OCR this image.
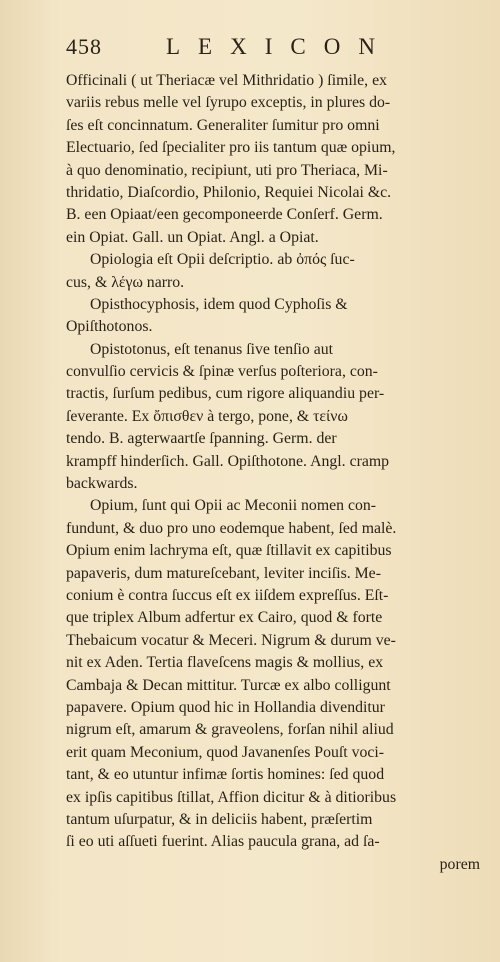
458	LEXICON
Officinali ( ut Theriacæ vel Mithridatio ) ſimile, ex
variis rebus melle vel ſyrupo exceptis, in plures do-
ſes eſt concinnatum. Generaliter ſumitur pro omni
Electuario, ſed ſpecialiter pro iis tantum quæ opium,
à quo denominatio, recipiunt, uti pro Theriaca, Mi-
thridatio, Diaſcordio, Philonio, Requiei Nicolai &c.
B. een Opiaat/een gecomponeerde Conſerf. Germ.
ein Opiat. Gall. un Opiat. Angl. a Opiat.
Opiologia eſt Opii deſcriptio. ab ὀπός ſuc-
cus, & λέγω narro.
Opisthocyphosis, idem quod Cyphoſis &
Opiſthotonos.
Opistotonus, eſt tenanus ſive tenſio aut
convulſio cervicis & ſpinæ verſus poſteriora, con-
tractis, ſurſum pedibus, cum rigore aliquandiu per-
ſeverante. Ex ὄπισθεν à tergo, pone, & τείνω
tendo. B. agterwaartſe ſpanning. Germ. der
krampff hinderſich. Gall. Opiſthotone. Angl. cramp
backwards.
Opium, ſunt qui Opii ac Meconii nomen con-
fundunt, & duo pro uno eodemque habent, ſed malè.
Opium enim lachryma eſt, quæ ſtillavit ex capitibus
papaveris, dum matureſcebant, leviter inciſis. Me-
conium è contra ſuccus eſt ex iiſdem expreſſus. Eſt-
que triplex Album adfertur ex Cairo, quod & forte
Thebaicum vocatur & Meceri. Nigrum & durum ve-
nit ex Aden. Tertia flaveſcens magis & mollius, ex
Cambaja & Decan mittitur. Turcæ ex albo colligunt
papavere. Opium quod hic in Hollandia divenditur
nigrum eſt, amarum & graveolens, forſan nihil aliud
erit quam Meconium, quod Javanenſes Pouſt voci-
tant, & eo utuntur infimæ ſortis homines: ſed quod
ex ipſis capitibus ſtillat, Affion dicitur & à ditioribus
tantum uſurpatur, & in deliciis habent, præſertim
ſi eo uti aſſueti fuerint. Alias paucula grana, ad ſa-
porem
